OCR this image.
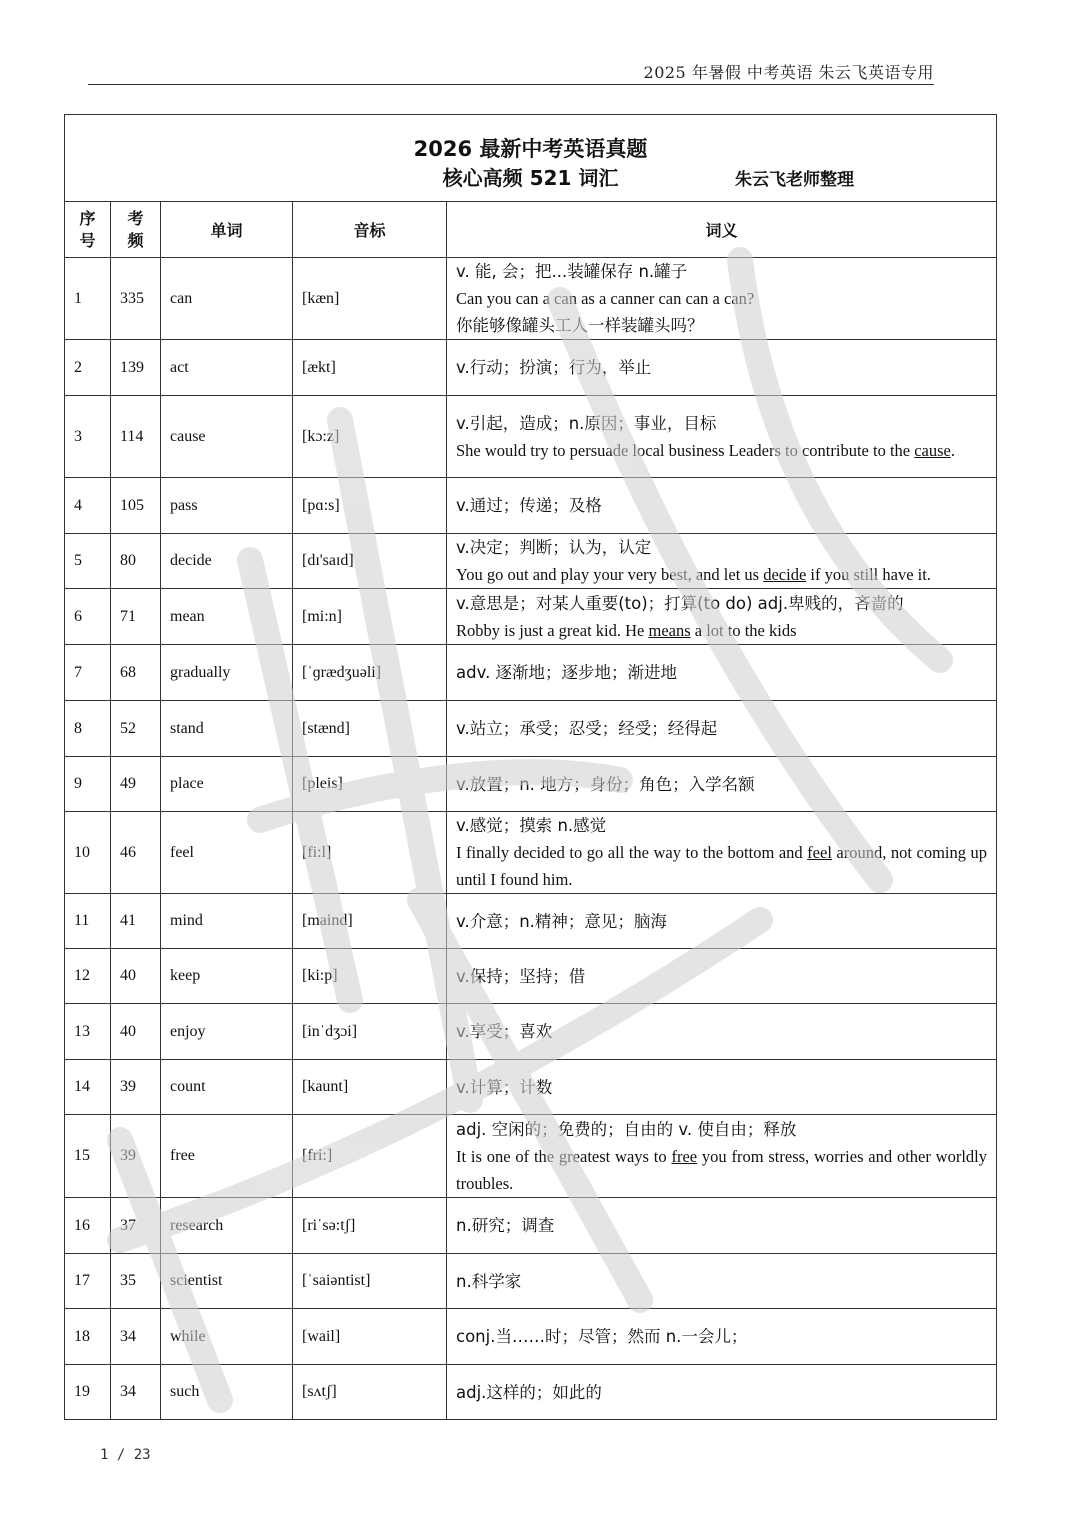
2025 年暑假 中考英语 朱云飞英语专用
2026 最新中考英语真题
核心高频 521 词汇 朱云飞老师整理				

序号	考频	单词	音标	词义
1	335	can	[kæn]	v. 能, 会；把...装罐保存 n.罐子
Can you can a can as a canner can can a can?
你能够像罐头工人一样装罐头吗？

2	139	act	[ækt]	v.行动；扮演；行为，举止

3	114	cause	[kɔ:z]	v.引起，造成；n.原因；事业，目标
She would try to persuade local business Leaders to contribute to the cause.

4	105	pass	[pɑ:s]	v.通过；传递；及格

5	80	decide	[dɪ'saɪd]	v.决定；判断；认为，认定
You go out and play your very best, and let us decide if you still have it.

6	71	mean	[mi:n]	v.意思是；对某人重要(to)；打算(to do) adj.卑贱的，吝啬的
Robby is just a great kid. He means a lot to the kids

7	68	gradually	[ˈɡrædʒuəli]	adv. 逐渐地；逐步地；渐进地

8	52	stand	[stænd]	v.站立；承受；忍受；经受；经得起

9	49	place	[pleis]	v.放置；n. 地方；身份；角色；入学名额

10	46	feel	[fi:l]	v.感觉；摸索 n.感觉
I finally decided to go all the way to the bottom and feel around, not coming up until I found him.

11	41	mind	[maind]	v.介意；n.精神；意见；脑海

12	40	keep	[ki:p]	v.保持；坚持；借

13	40	enjoy	[inˈdʒɔi]	v.享受；喜欢

14	39	count	[kaunt]	v.计算；计数

15	39	free	[fri:]	adj. 空闲的；免费的；自由的 v. 使自由；释放
It is one of the greatest ways to free you from stress, worries and other worldly troubles.

16	37	research	[riˈsə:tʃ]	n.研究；调查

17	35	scientist	[ˈsaiəntist]	n.科学家

18	34	while	[wail]	conj.当……时；尽管；然而 n.一会儿；

19	34	such	[sʌtʃ]	adj.这样的；如此的
1 / 23
